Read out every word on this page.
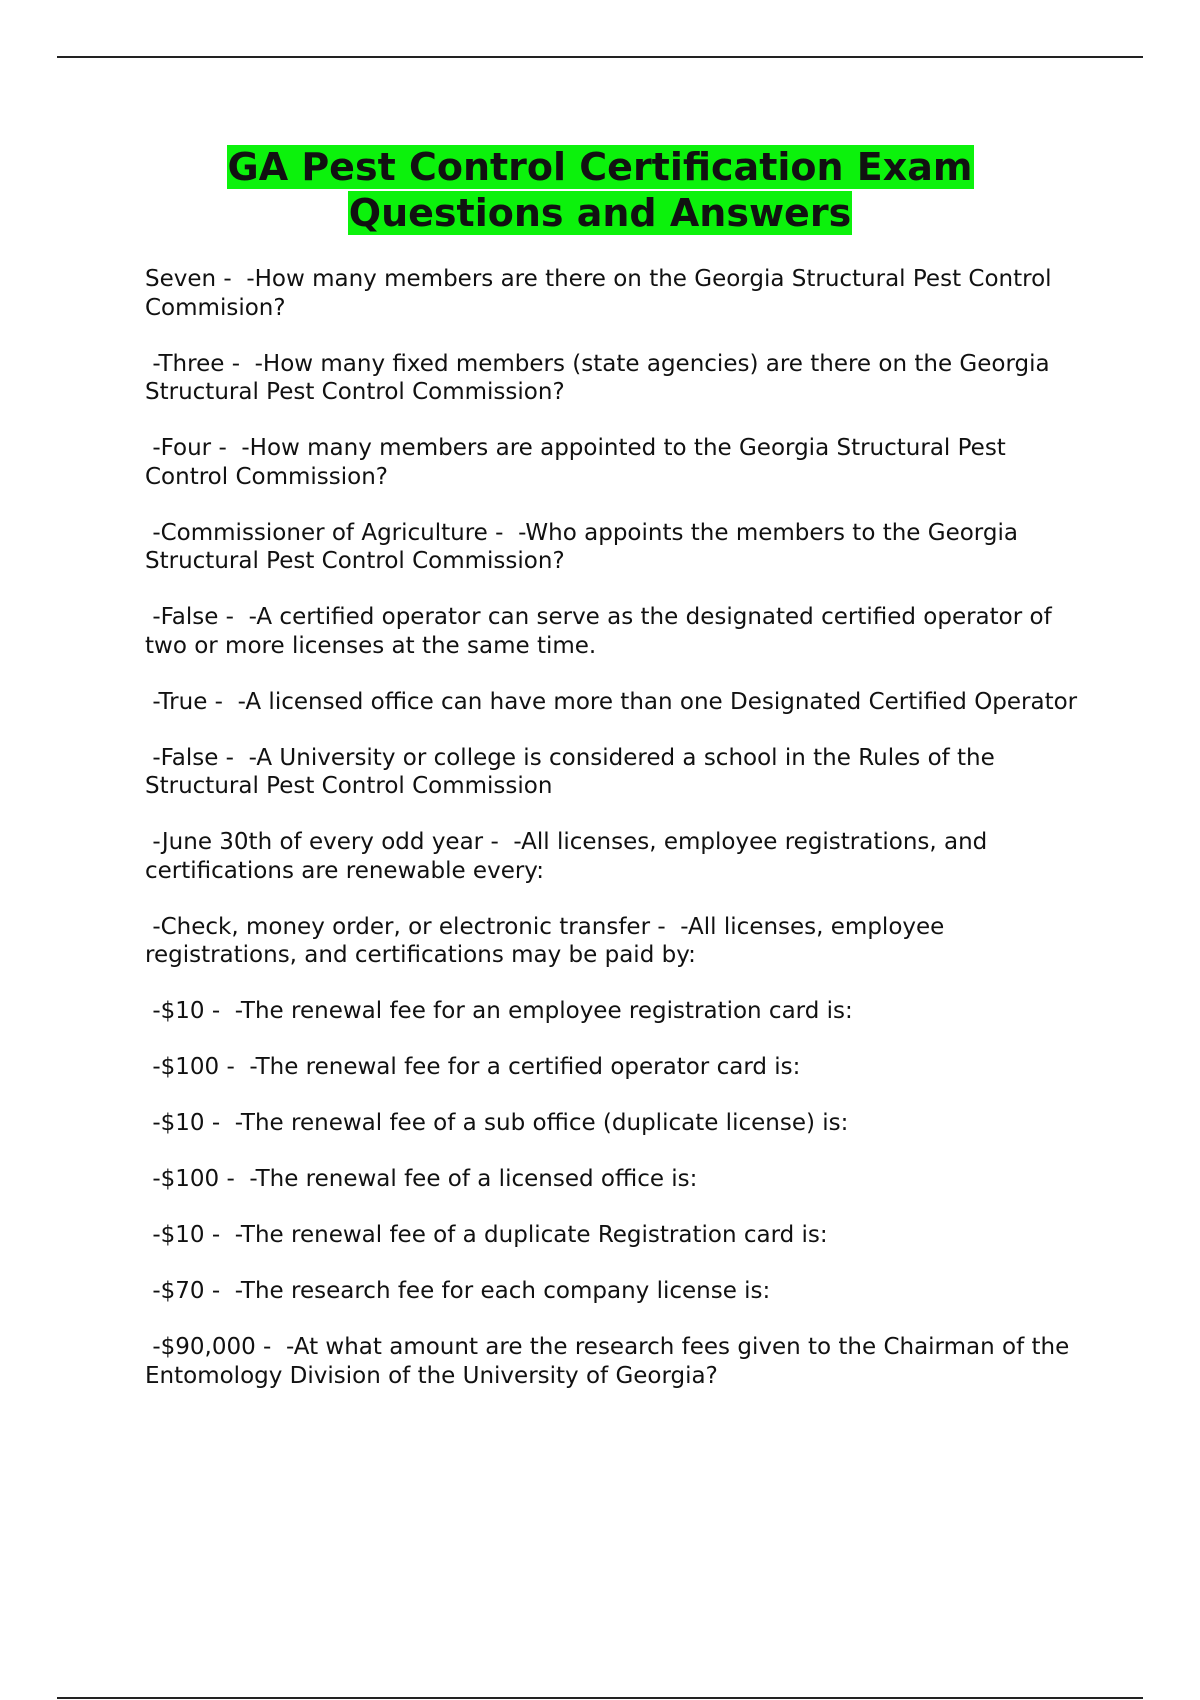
GA Pest Control Certification Exam
Questions and Answers
Seven -  -How many members are there on the Georgia Structural Pest Control Commision?
-Three -  -How many fixed members (state agencies) are there on the Georgia Structural Pest Control Commission?
-Four -  -How many members are appointed to the Georgia Structural Pest Control Commission?
-Commissioner of Agriculture -  -Who appoints the members to the Georgia Structural Pest Control Commission?
-False -  -A certified operator can serve as the designated certified operator of two or more licenses at the same time.
-True -  -A licensed office can have more than one Designated Certified Operator
-False -  -A University or college is considered a school in the Rules of the Structural Pest Control Commission
-June 30th of every odd year -  -All licenses, employee registrations, and certifications are renewable every:
-Check, money order, or electronic transfer -  -All licenses, employee registrations, and certifications may be paid by:
-$10 -  -The renewal fee for an employee registration card is:
-$100 -  -The renewal fee for a certified operator card is:
-$10 -  -The renewal fee of a sub office (duplicate license) is:
-$100 -  -The renewal fee of a licensed office is:
-$10 -  -The renewal fee of a duplicate Registration card is:
-$70 -  -The research fee for each company license is:
-$90,000 -  -At what amount are the research fees given to the Chairman of the Entomology Division of the University of Georgia?
